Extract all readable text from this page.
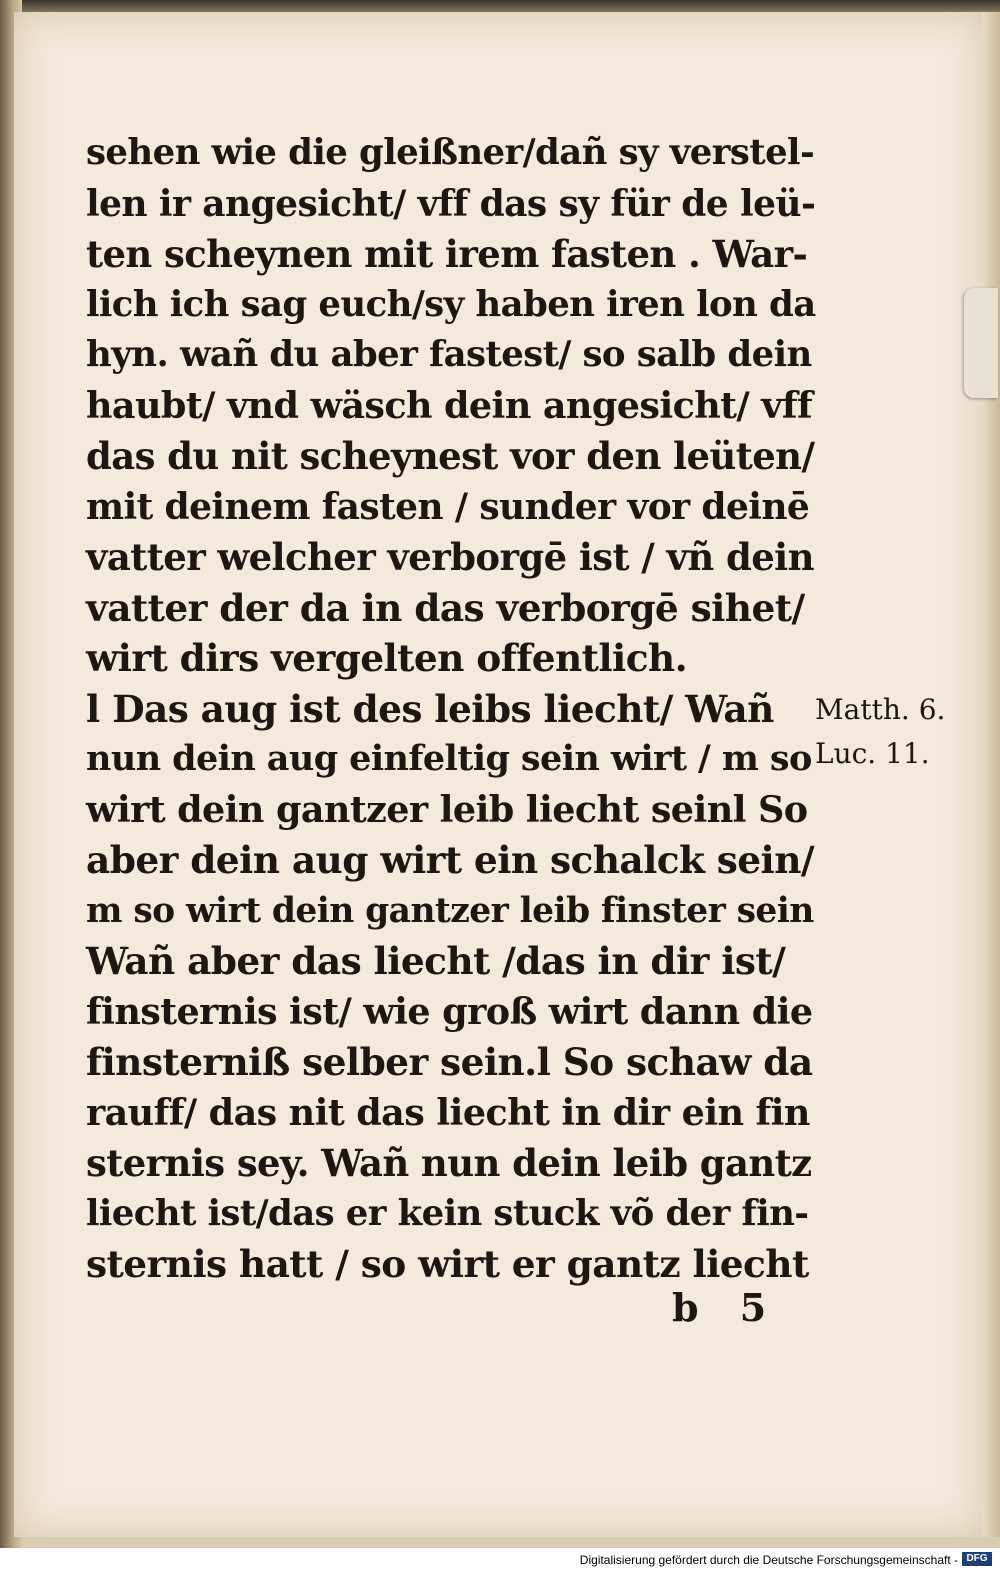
sehen wie die gleißner/dañ sy verstel-
len ir angesicht/ vff das sy für de leü-
ten scheynen mit irem fasten . War-
lich ich sag euch/sy haben iren lon da
hyn. wañ du aber fastest/ so salb dein
haubt/ vnd wäsch dein angesicht/ vff
das du nit scheynest vor den leüten/
mit deinem fasten / sunder vor deinē
vatter welcher verborgē ist / vñ dein
vatter der da in das verborgē sihet/
wirt dirs vergelten offentlich.
l Das aug ist des leibs liecht/ Wañ
nun dein aug einfeltig sein wirt / m so
wirt dein gantzer leib liecht seinl So
aber dein aug wirt ein schalck sein/
m so wirt dein gantzer leib finster sein
Wañ aber das liecht /das in dir ist/
finsternis ist/ wie groß wirt dann die
finsterniß selber sein.l So schaw da
rauff/ das nit das liecht in dir ein fin
sternis sey. Wañ nun dein leib gantz
liecht ist/das er kein stuck võ der fin-
sternis hatt / so wirt er gantz liecht
Matth. 6.
Luc. 11.
b 5
Digitalisierung gefördert durch die Deutsche Forschungsgemeinschaft - DFG
